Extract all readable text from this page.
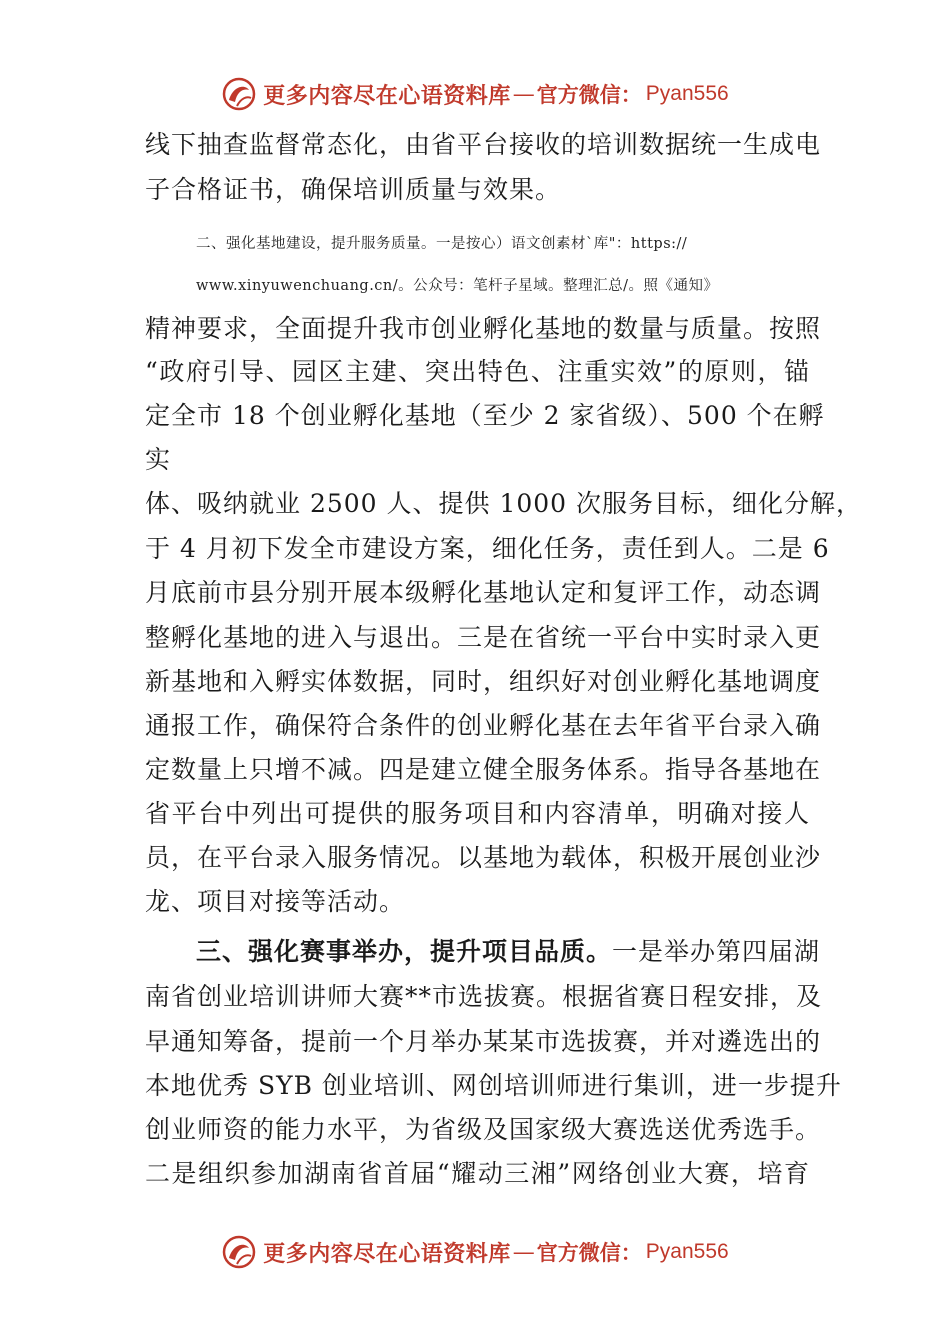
更多内容尽在心语资料库 — 官方微信： Pyan556
线下抽查监督常态化，由省平台接收的培训数据统一生成电
子合格证书，确保培训质量与效果。
二、强化基地建设，提升服务质量。一是按心）语文创素材`库"：https://
www.xinyuwenchuang.cn/。公众号：笔杆子星域。整理汇总/。照《通知》
精神要求，全面提升我市创业孵化基地的数量与质量。按照
“政府引导、园区主建、突出特色、注重实效”的原则，锚
定全市 18 个创业孵化基地（至少 2 家省级）、500 个在孵
实
体、吸纳就业 2500 人、提供 1000 次服务目标，细化分解，
于 4 月初下发全市建设方案，细化任务，责任到人。二是 6
月底前市县分别开展本级孵化基地认定和复评工作，动态调
整孵化基地的进入与退出。三是在省统一平台中实时录入更
新基地和入孵实体数据，同时，组织好对创业孵化基地调度
通报工作，确保符合条件的创业孵化基在去年省平台录入确
定数量上只增不减。四是建立健全服务体系。指导各基地在
省平台中列出可提供的服务项目和内容清单，明确对接人
员，在平台录入服务情况。以基地为载体，积极开展创业沙
龙、项目对接等活动。
三、强化赛事举办，提升项目品质。一是举办第四届湖
南省创业培训讲师大赛**市选拔赛。根据省赛日程安排，及
早通知筹备，提前一个月举办某某市选拔赛，并对遴选出的
本地优秀 SYB 创业培训、网创培训师进行集训，进一步提升
创业师资的能力水平，为省级及国家级大赛选送优秀选手。
二是组织参加湖南省首届“耀动三湘”网络创业大赛，培育
更多内容尽在心语资料库 — 官方微信： Pyan556
